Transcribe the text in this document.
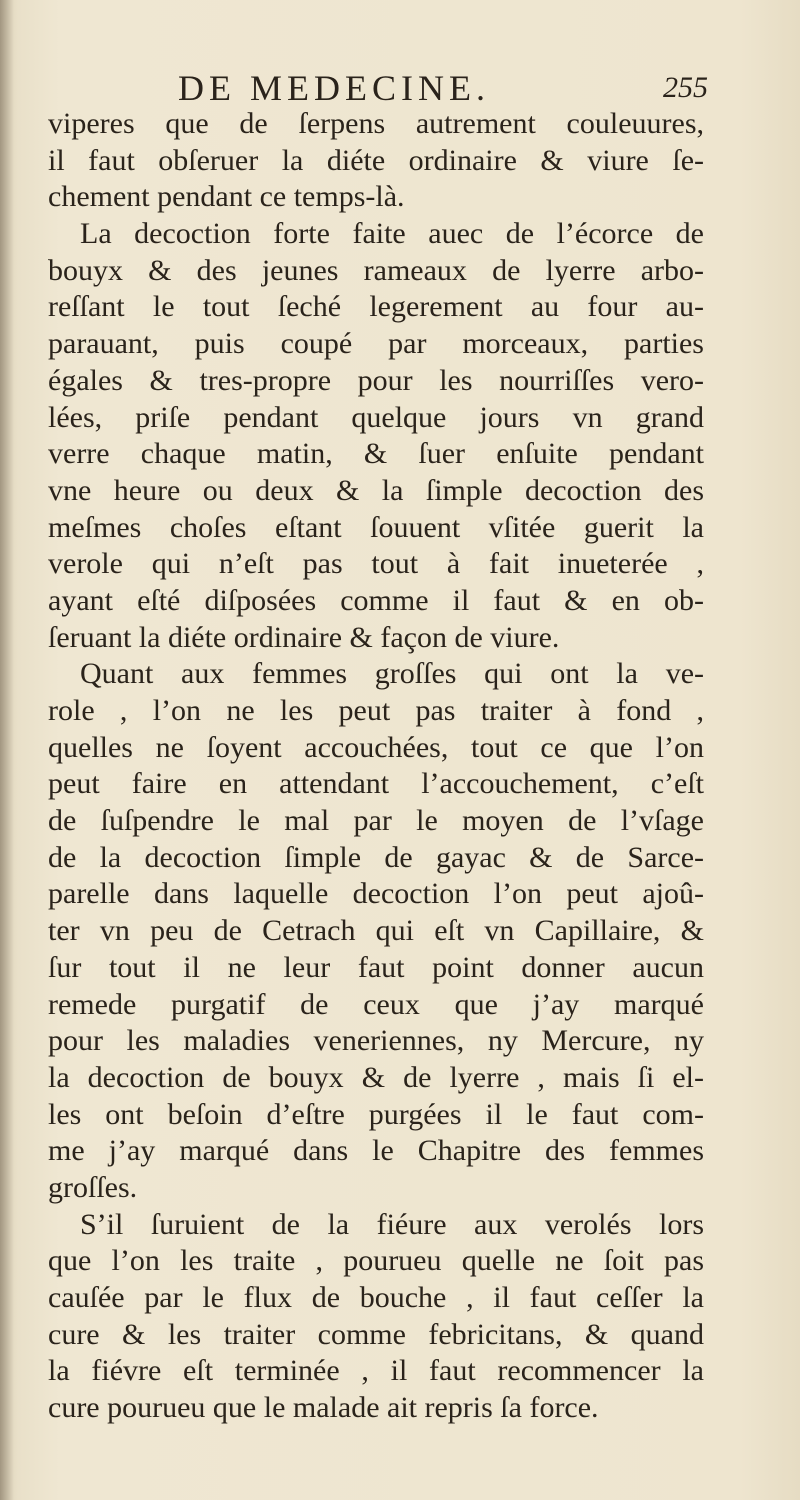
DE MEDECINE.	255
viperes que de ſerpens autrement couleuures,
il faut obſeruer la diéte ordinaire & viure ſe-
chement pendant ce temps-là.
La decoction forte faite auec de l’écorce de
bouyx & des jeunes rameaux de lyerre arbo-
reſſant le tout ſeché legerement au four au-
parauant, puis coupé par morceaux, parties
égales & tres-propre pour les nourriſſes vero-
lées, priſe pendant quelque jours vn grand
verre chaque matin, & ſuer enſuite pendant
vne heure ou deux & la ſimple decoction des
meſmes choſes eſtant ſouuent vſitée guerit la
verole qui n’eſt pas tout à fait inueterée ,
ayant eſté diſposées comme il faut & en ob-
ſeruant la diéte ordinaire & façon de viure.
Quant aux femmes groſſes qui ont la ve-
role , l’on ne les peut pas traiter à fond ,
quelles ne ſoyent accouchées, tout ce que l’on
peut faire en attendant l’accouchement, c’eſt
de ſuſpendre le mal par le moyen de l’vſage
de la decoction ſimple de gayac & de Sarce-
parelle dans laquelle decoction l’on peut ajoû-
ter vn peu de Cetrach qui eſt vn Capillaire, &
ſur tout il ne leur faut point donner aucun
remede purgatif de ceux que j’ay marqué
pour les maladies veneriennes, ny Mercure, ny
la decoction de bouyx & de lyerre , mais ſi el-
les ont beſoin d’eſtre purgées il le faut com-
me j’ay marqué dans le Chapitre des femmes
groſſes.
S’il ſuruient de la fiéure aux verolés lors
que l’on les traite , pourueu quelle ne ſoit pas
cauſée par le flux de bouche , il faut ceſſer la
cure & les traiter comme febricitans, & quand
la fiévre eſt terminée , il faut recommencer la
cure pourueu que le malade ait repris ſa force.
